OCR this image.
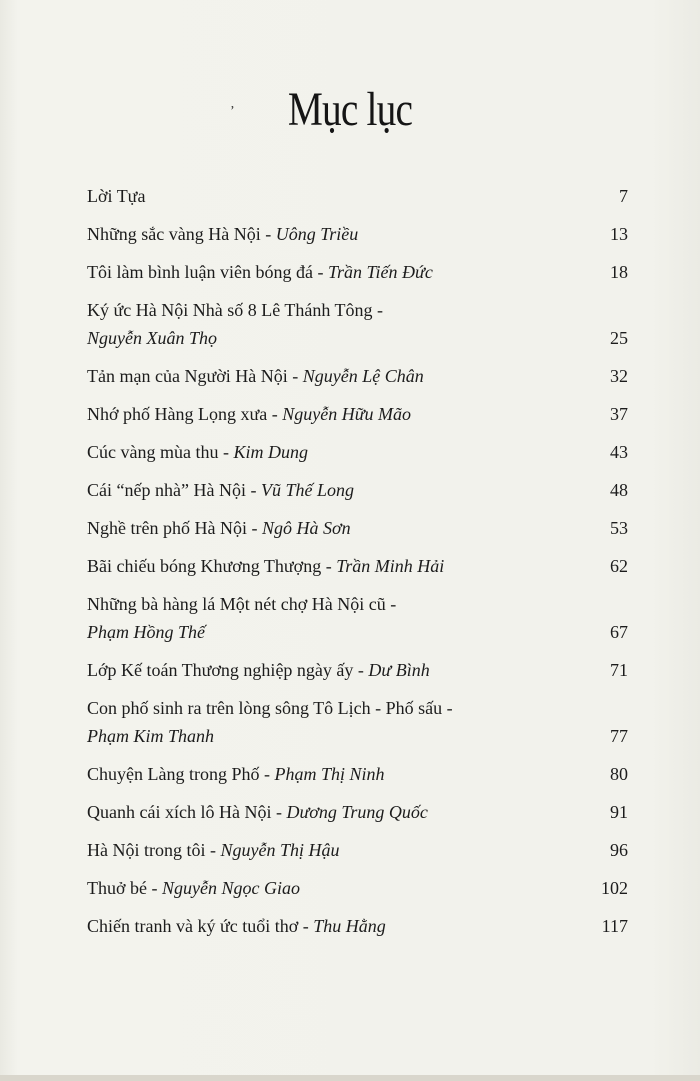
ʼ	Mục lục
Lời Tựa	7
Những sắc vàng Hà Nội - Uông Triều	13
Tôi làm bình luận viên bóng đá - Trần Tiến Đức	18
Ký ức Hà Nội Nhà số 8 Lê Thánh Tông -
Nguyễn Xuân Thọ	25
Tản mạn của Người Hà Nội - Nguyễn Lệ Chân	32
Nhớ phố Hàng Lọng xưa - Nguyễn Hữu Mão	37
Cúc vàng mùa thu - Kim Dung	43
Cái “nếp nhà” Hà Nội - Vũ Thế Long	48
Nghề trên phố Hà Nội - Ngô Hà Sơn	53
Bãi chiếu bóng Khương Thượng - Trần Minh Hải	62
Những bà hàng lá Một nét chợ Hà Nội cũ -
Phạm Hồng Thế	67
Lớp Kế toán Thương nghiệp ngày ấy - Dư Bình	71
Con phố sinh ra trên lòng sông Tô Lịch - Phố sấu -
Phạm Kim Thanh	77
Chuyện Làng trong Phố - Phạm Thị Ninh	80
Quanh cái xích lô Hà Nội - Dương Trung Quốc	91
Hà Nội trong tôi - Nguyễn Thị Hậu	96
Thuở bé - Nguyễn Ngọc Giao	102
Chiến tranh và ký ức tuổi thơ - Thu Hằng	117
